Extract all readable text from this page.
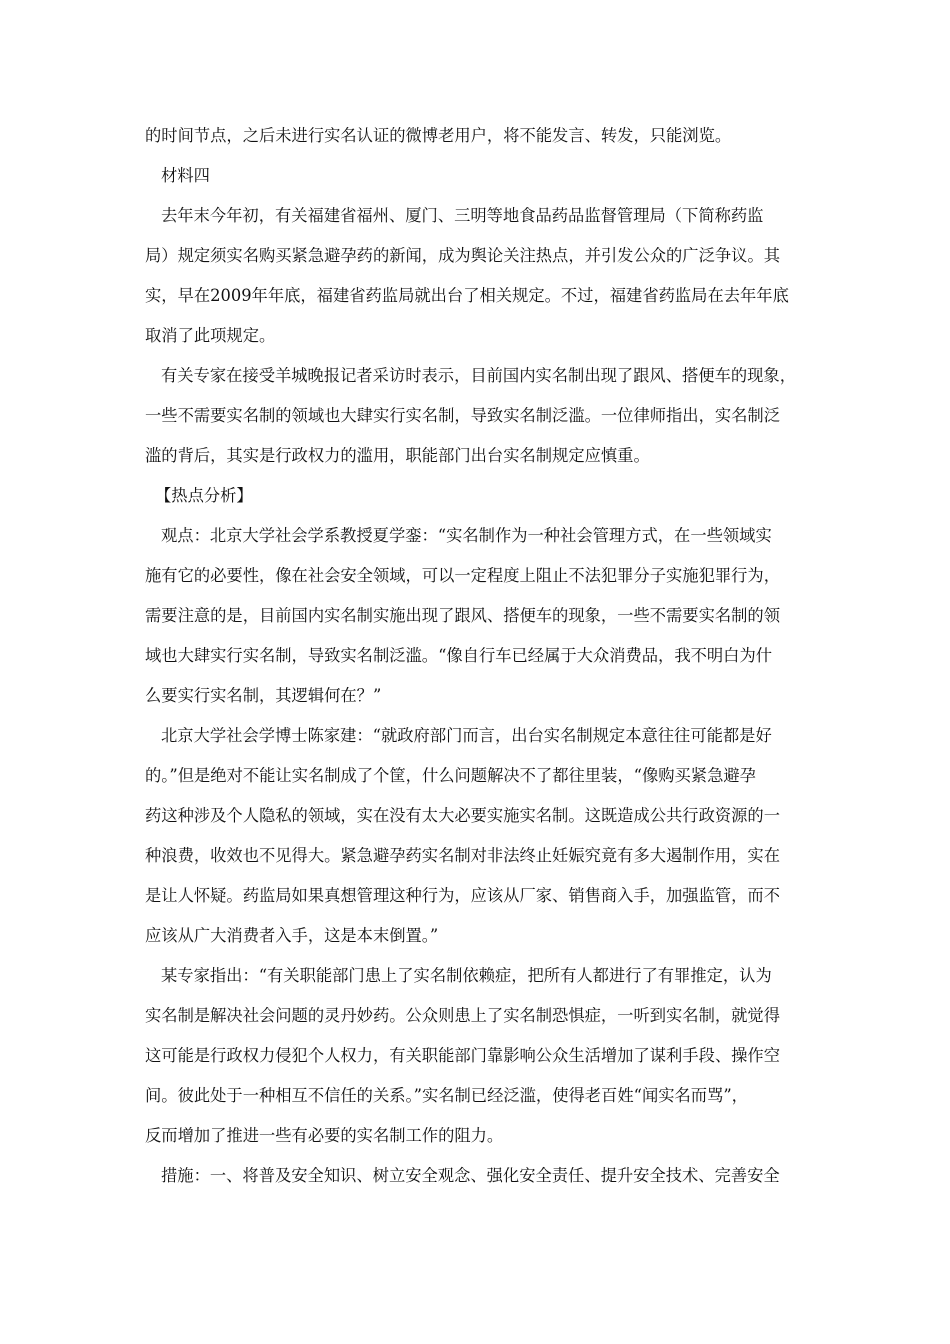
的时间节点，之后未进行实名认证的微博老用户，将不能发言、转发，只能浏览。
材料四
去年末今年初，有关福建省福州、厦门、三明等地食品药品监督管理局（下简称药监
局）规定须实名购买紧急避孕药的新闻，成为舆论关注热点，并引发公众的广泛争议。其
实，早在2009年年底，福建省药监局就出台了相关规定。不过，福建省药监局在去年年底
取消了此项规定。
有关专家在接受羊城晚报记者采访时表示，目前国内实名制出现了跟风、搭便车的现象，
一些不需要实名制的领域也大肆实行实名制，导致实名制泛滥。一位律师指出，实名制泛
滥的背后，其实是行政权力的滥用，职能部门出台实名制规定应慎重。
【热点分析】
观点：北京大学社会学系教授夏学銮：“实名制作为一种社会管理方式，在一些领域实
施有它的必要性，像在社会安全领域，可以一定程度上阻止不法犯罪分子实施犯罪行为，
需要注意的是，目前国内实名制实施出现了跟风、搭便车的现象，一些不需要实名制的领
域也大肆实行实名制，导致实名制泛滥。“像自行车已经属于大众消费品，我不明白为什
么要实行实名制，其逻辑何在？”
北京大学社会学博士陈家建：“就政府部门而言，出台实名制规定本意往往可能都是好
的。”但是绝对不能让实名制成了个筐，什么问题解决不了都往里装，“像购买紧急避孕
药这种涉及个人隐私的领域，实在没有太大必要实施实名制。这既造成公共行政资源的一
种浪费，收效也不见得大。紧急避孕药实名制对非法终止妊娠究竟有多大遏制作用，实在
是让人怀疑。药监局如果真想管理这种行为，应该从厂家、销售商入手，加强监管，而不
应该从广大消费者入手，这是本末倒置。”
某专家指出：“有关职能部门患上了实名制依赖症，把所有人都进行了有罪推定，认为
实名制是解决社会问题的灵丹妙药。公众则患上了实名制恐惧症，一听到实名制，就觉得
这可能是行政权力侵犯个人权力，有关职能部门靠影响公众生活增加了谋利手段、操作空
间。彼此处于一种相互不信任的关系。”实名制已经泛滥，使得老百姓“闻实名而骂”，
反而增加了推进一些有必要的实名制工作的阻力。
措施：一、将普及安全知识、树立安全观念、强化安全责任、提升安全技术、完善安全
